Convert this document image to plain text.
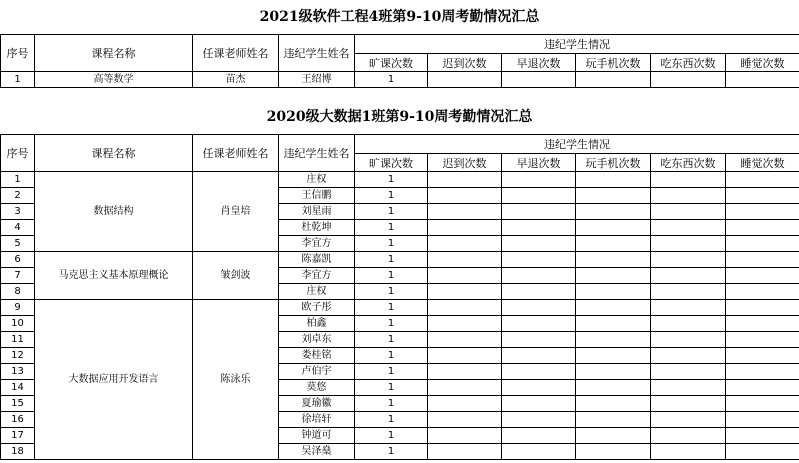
2021级软件工程4班第9-10周考勤情况汇总
序号	课程名称	任课老师姓名	违纪学生姓名	违纪学生情况					
				旷课次数	迟到次数	早退次数	玩手机次数	吃东西次数	睡觉次数
1	高等数学	苗杰	王绍博	1					
2020级大数据1班第9-10周考勤情况汇总
序号	课程名称	任课老师姓名	违纪学生姓名	违纪学生情况					
				旷课次数	迟到次数	早退次数	玩手机次数	吃东西次数	睡觉次数
1	数据结构	肖皇培	庄权	1					
2			王信鹏	1					
3			刘星雨	1					
4			杜乾坤	1					
5			李宜方	1					
6	马克思主义基本原理概论	皱剑波	陈嘉凯	1					
7			李宜方	1					
8			庄权	1					
9	大数据应用开发语言	陈泳乐	欧子彤	1					
10			柏鑫	1					
11			刘卓东	1					
12			娄桂铭	1					
13			卢伯宇	1					
14			莫悠	1					
15			夏瑜徽	1					
16			徐培轩	1					
17			钟道可	1					
18			吴泽燊	1					
